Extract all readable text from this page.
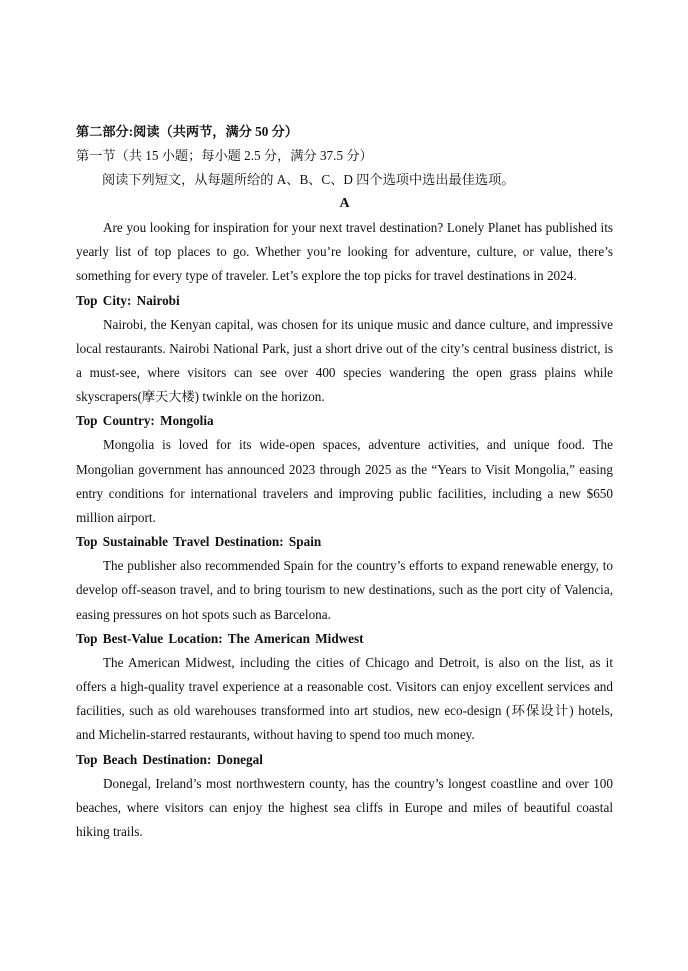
第二部分:阅读（共两节，满分 50 分）
第一节（共 15 小题；每小题 2.5 分，满分 37.5 分）
阅读下列短文，从每题所给的 A、B、C、D 四个选项中选出最佳选项。
A

Are you looking for inspiration for your next travel destination? Lonely Planet has published its yearly list of top places to go. Whether you’re looking for adventure, culture, or value, there’s something for every type of traveler. Let’s explore the top picks for travel destinations in 2024.

Top City: Nairobi

Nairobi, the Kenyan capital, was chosen for its unique music and dance culture, and impressive local restaurants. Nairobi National Park, just a short drive out of the city’s central business district, is a must-see, where visitors can see over 400 species wandering the open grass plains while skyscrapers(摩天大楼) twinkle on the horizon.

Top Country: Mongolia

Mongolia is loved for its wide-open spaces, adventure activities, and unique food. The Mongolian government has announced 2023 through 2025 as the “Years to Visit Mongolia,” easing entry conditions for international travelers and improving public facilities, including a new $650 million airport.

Top Sustainable Travel Destination: Spain

The publisher also recommended Spain for the country’s efforts to expand renewable energy, to develop off-season travel, and to bring tourism to new destinations, such as the port city of Valencia, easing pressures on hot spots such as Barcelona.

Top Best-Value Location: The American Midwest

The American Midwest, including the cities of Chicago and Detroit, is also on the list, as it offers a high-quality travel experience at a reasonable cost. Visitors can enjoy excellent services and facilities, such as old warehouses transformed into art studios, new eco-design (环保设计) hotels, and Michelin-starred restaurants, without having to spend too much money.

Top Beach Destination: Donegal

Donegal, Ireland’s most northwestern county, has the country’s longest coastline and over 100 beaches, where visitors can enjoy the highest sea cliffs in Europe and miles of beautiful coastal hiking trails.
